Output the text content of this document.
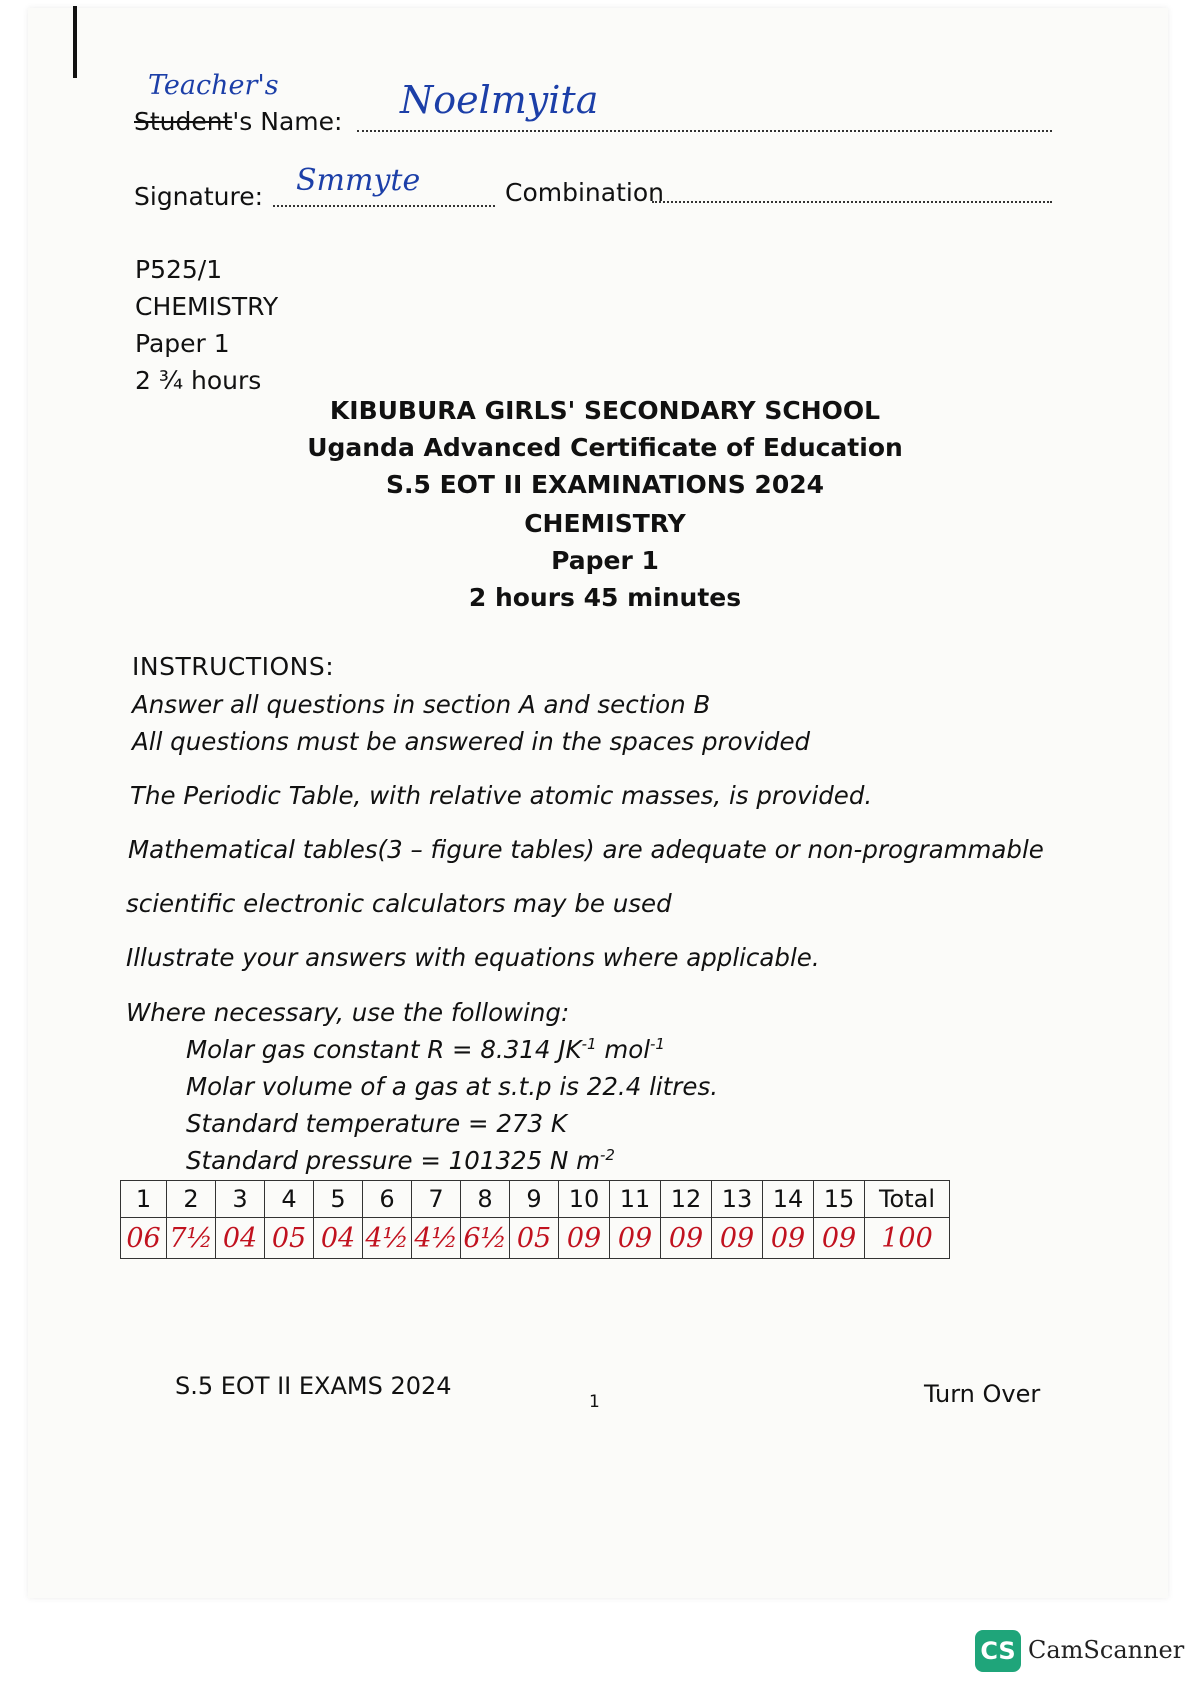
Teacher's
Student's Name: Noelmyita
Signature: Smmyte	Combination
P525/1
CHEMISTRY
Paper 1
2 ¾ hours
KIBUBURA GIRLS' SECONDARY SCHOOL
Uganda Advanced Certificate of Education
S.5 EOT II EXAMINATIONS 2024
CHEMISTRY
Paper 1
2 hours 45 minutes
INSTRUCTIONS:
Answer all questions in section A and section B
All questions must be answered in the spaces provided
The Periodic Table, with relative atomic masses, is provided.
Mathematical tables(3 – figure tables) are adequate or non-programmable
scientific electronic calculators may be used
Illustrate your answers with equations where applicable.
Where necessary, use the following:
Molar gas constant R = 8.314 $JK^{-1}$ mol$^{-1}$
Molar volume of a gas at s.t.p is 22.4 litres.
Standard temperature = 273 K
Standard pressure = 101325 N $m^{-2}$
1	2	3	4	5	6	7	8	9	10	11	12	13	14	15	Total
06	7½	04	05	04	4½	4½	6½	05	09	09	09	09	09	09	100
S.5 EOT II EXAMS 2024
1	Turn Over
CS CamScanner
